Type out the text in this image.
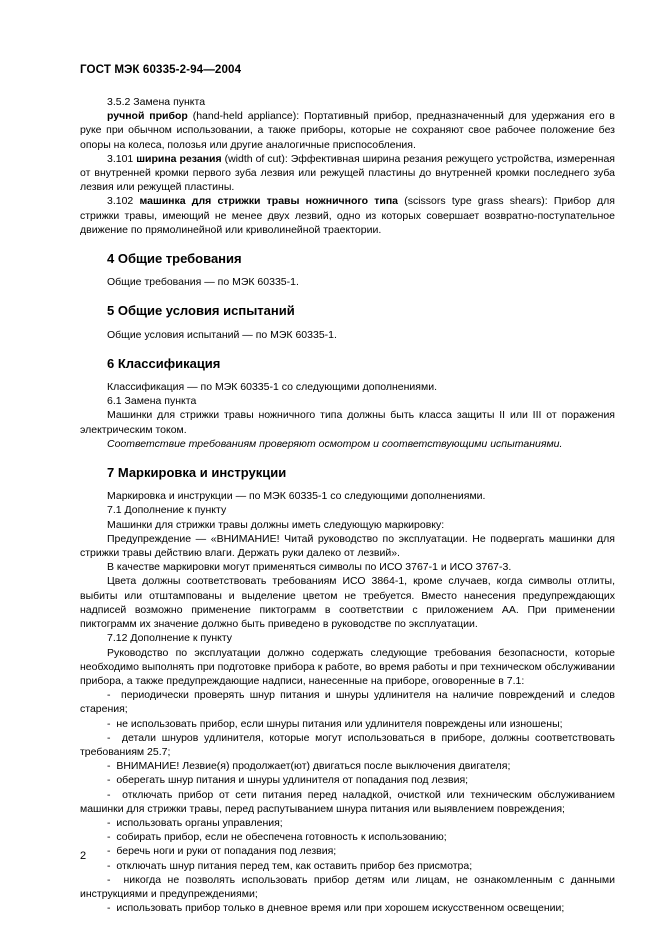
ГОСТ МЭК 60335-2-94—2004

3.5.2 Замена пункта

ручной прибор (hand-held appliance): Портативный прибор, предназначенный для удержания его в руке при обычном использовании, а также приборы, которые не сохраняют свое рабочее положение без опоры на колеса, полозья или другие аналогичные приспособления.

3.101 ширина резания (width of cut): Эффективная ширина резания режущего устройства, измеренная от внутренней кромки первого зуба лезвия или режущей пластины до внутренней кромки последнего зуба лезвия или режущей пластины.

3.102 машинка для стрижки травы ножничного типа (scissors type grass shears): Прибор для стрижки травы, имеющий не менее двух лезвий, одно из которых совершает возвратно-поступательное движение по прямолинейной или криволинейной траектории.

4 Общие требования

Общие требования — по МЭК 60335-1.

5 Общие условия испытаний

Общие условия испытаний — по МЭК 60335-1.

6 Классификация

Классификация — по МЭК 60335-1 со следующими дополнениями.

6.1 Замена пункта

Машинки для стрижки травы ножничного типа должны быть класса защиты II или III от поражения электрическим током.

Соответствие требованиям проверяют осмотром и соответствующими испытаниями.

7 Маркировка и инструкции

Маркировка и инструкции — по МЭК 60335-1 со следующими дополнениями.

7.1 Дополнение к пункту

Машинки для стрижки травы должны иметь следующую маркировку:

Предупреждение — «ВНИМАНИЕ! Читай руководство по эксплуатации. Не подвергать машинки для стрижки травы действию влаги. Держать руки далеко от лезвий».

В качестве маркировки могут применяться символы по ИСО 3767-1 и ИСО 3767-3.

Цвета должны соответствовать требованиям ИСО 3864-1, кроме случаев, когда символы отлиты, выбиты или отштампованы и выделение цветом не требуется. Вместо нанесения предупреждающих надписей возможно применение пиктограмм в соответствии с приложением АА. При применении пиктограмм их значение должно быть приведено в руководстве по эксплуатации.

7.12 Дополнение к пункту

Руководство по эксплуатации должно содержать следующие требования безопасности, которые необходимо выполнять при подготовке прибора к работе, во время работы и при техническом обслуживании прибора, а также предупреждающие надписи, нанесенные на приборе, оговоренные в 7.1:

- периодически проверять шнур питания и шнуры удлинителя на наличие повреждений и следов старения;

- не использовать прибор, если шнуры питания или удлинителя повреждены или изношены;

- детали шнуров удлинителя, которые могут использоваться в приборе, должны соответствовать требованиям 25.7;

- ВНИМАНИЕ! Лезвие(я) продолжает(ют) двигаться после выключения двигателя;

- оберегать шнур питания и шнуры удлинителя от попадания под лезвия;

- отключать прибор от сети питания перед наладкой, очисткой или техническим обслуживанием машинки для стрижки травы, перед распутыванием шнура питания или выявлением повреждения;

- использовать органы управления;

- собирать прибор, если не обеспечена готовность к использованию;

- беречь ноги и руки от попадания под лезвия;

- отключать шнур питания перед тем, как оставить прибор без присмотра;

- никогда не позволять использовать прибор детям или лицам, не ознакомленным с данными инструкциями и предупреждениями;

- использовать прибор только в дневное время или при хорошем искусственном освещении;

2
